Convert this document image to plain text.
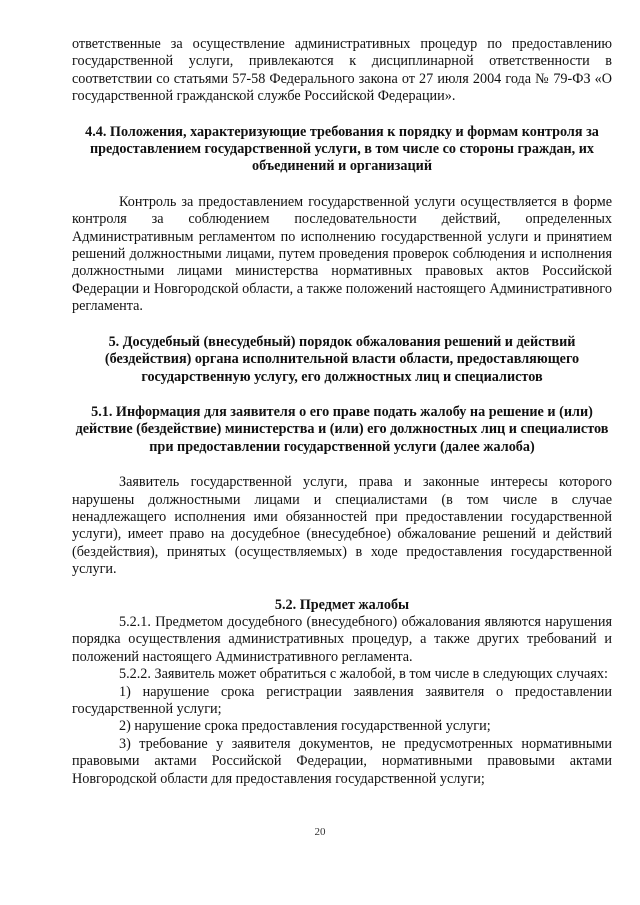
ответственные за осуществление административных процедур по предоставлению государственной услуги, привлекаются к дисциплинарной ответственности в соответствии со статьями 57-58 Федерального закона от 27 июля 2004 года № 79-ФЗ «О государственной гражданской службе Российской Федерации».

4.4. Положения, характеризующие требования к порядку и формам контроля за предоставлением государственной услуги, в том числе со стороны граждан, их объединений и организаций

Контроль за предоставлением государственной услуги осуществляется в форме контроля за соблюдением последовательности действий, определенных Административным регламентом по исполнению государственной услуги и принятием решений должностными лицами, путем проведения проверок соблюдения и исполнения должностными лицами министерства нормативных правовых актов Российской Федерации и Новгородской области, а также положений настоящего Административного регламента.

5. Досудебный (внесудебный) порядок обжалования решений и действий (бездействия) органа исполнительной власти области, предоставляющего государственную услугу, его должностных лиц и специалистов

5.1. Информация для заявителя о его праве подать жалобу на решение и (или) действие (бездействие) министерства и (или) его должностных лиц и специалистов при предоставлении государственной услуги (далее жалоба)

Заявитель государственной услуги, права и законные интересы которого нарушены должностными лицами и специалистами (в том числе в случае ненадлежащего исполнения ими обязанностей при предоставлении государственной услуги), имеет право на досудебное (внесудебное) обжалование решений и действий (бездействия), принятых (осуществляемых) в ходе предоставления государственной услуги.

5.2. Предмет жалобы

5.2.1. Предметом досудебного (внесудебного) обжалования являются нарушения порядка осуществления административных процедур, а также других требований и положений настоящего Административного регламента.

5.2.2. Заявитель может обратиться с жалобой, в том числе в следующих случаях:

1) нарушение срока регистрации заявления заявителя о предоставлении государственной услуги;

2) нарушение срока предоставления государственной услуги;

3) требование у заявителя документов, не предусмотренных нормативными правовыми актами Российской Федерации, нормативными правовыми актами Новгородской области для предоставления государственной услуги;

20
